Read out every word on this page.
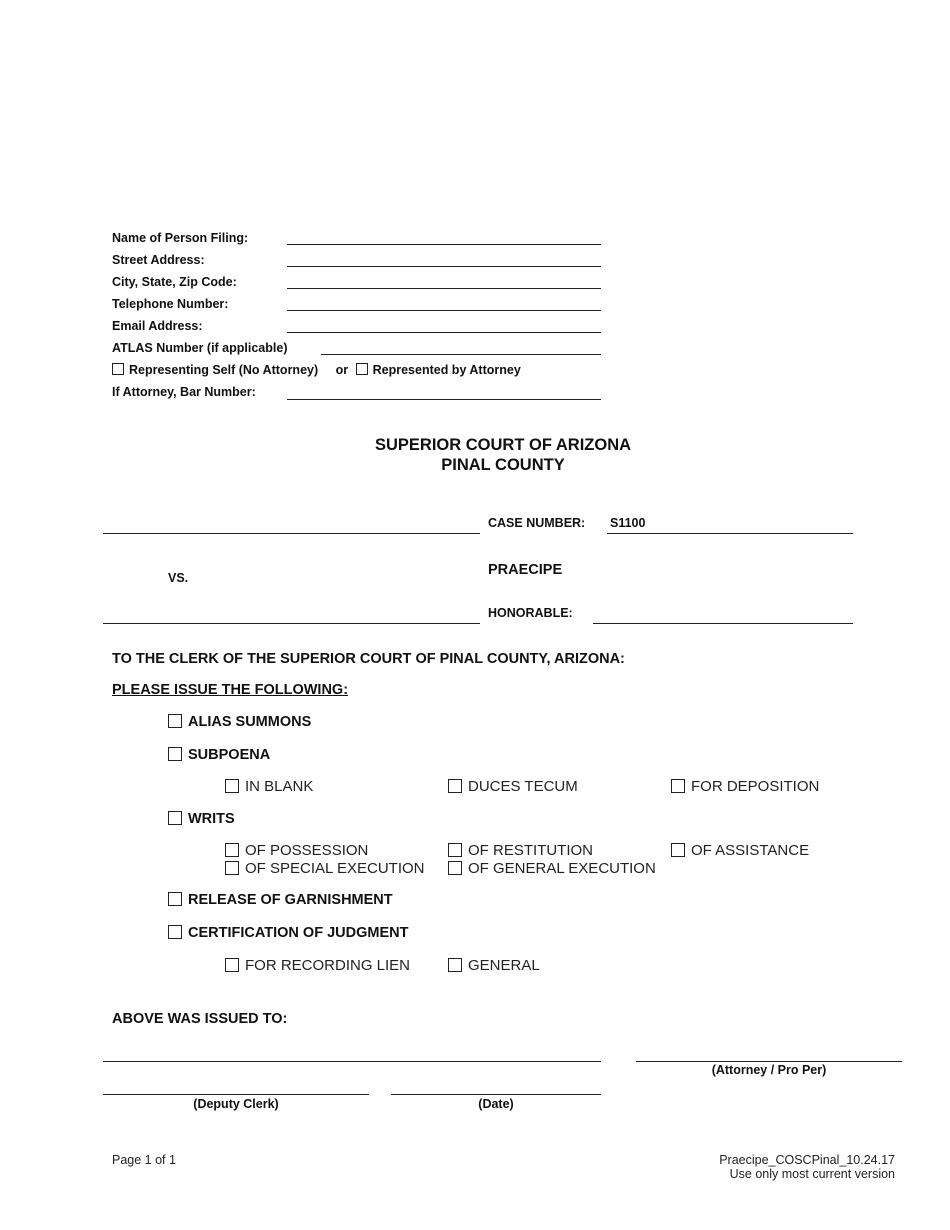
Name of Person Filing:
Street Address:
City, State, Zip Code:
Telephone Number:
Email Address:
ATLAS Number (if applicable)
Representing Self (No Attorney) or Represented by Attorney
If Attorney, Bar Number:
SUPERIOR COURT OF ARIZONA
PINAL COUNTY
CASE NUMBER: S1100
VS.	PRAECIPE
HONORABLE:
TO THE CLERK OF THE SUPERIOR COURT OF PINAL COUNTY, ARIZONA:
PLEASE ISSUE THE FOLLOWING:
ALIAS SUMMONS
SUBPOENA
IN BLANK	DUCES TECUM	FOR DEPOSITION
WRITS
OF POSSESSION	OF RESTITUTION	OF ASSISTANCE
OF SPECIAL EXECUTION	OF GENERAL EXECUTION
RELEASE OF GARNISHMENT
CERTIFICATION OF JUDGMENT
FOR RECORDING LIEN	GENERAL
ABOVE WAS ISSUED TO:
(Attorney / Pro Per)
(Deputy Clerk)	(Date)
Page 1 of 1	Praecipe_COSCPinal_10.24.17
Use only most current version
